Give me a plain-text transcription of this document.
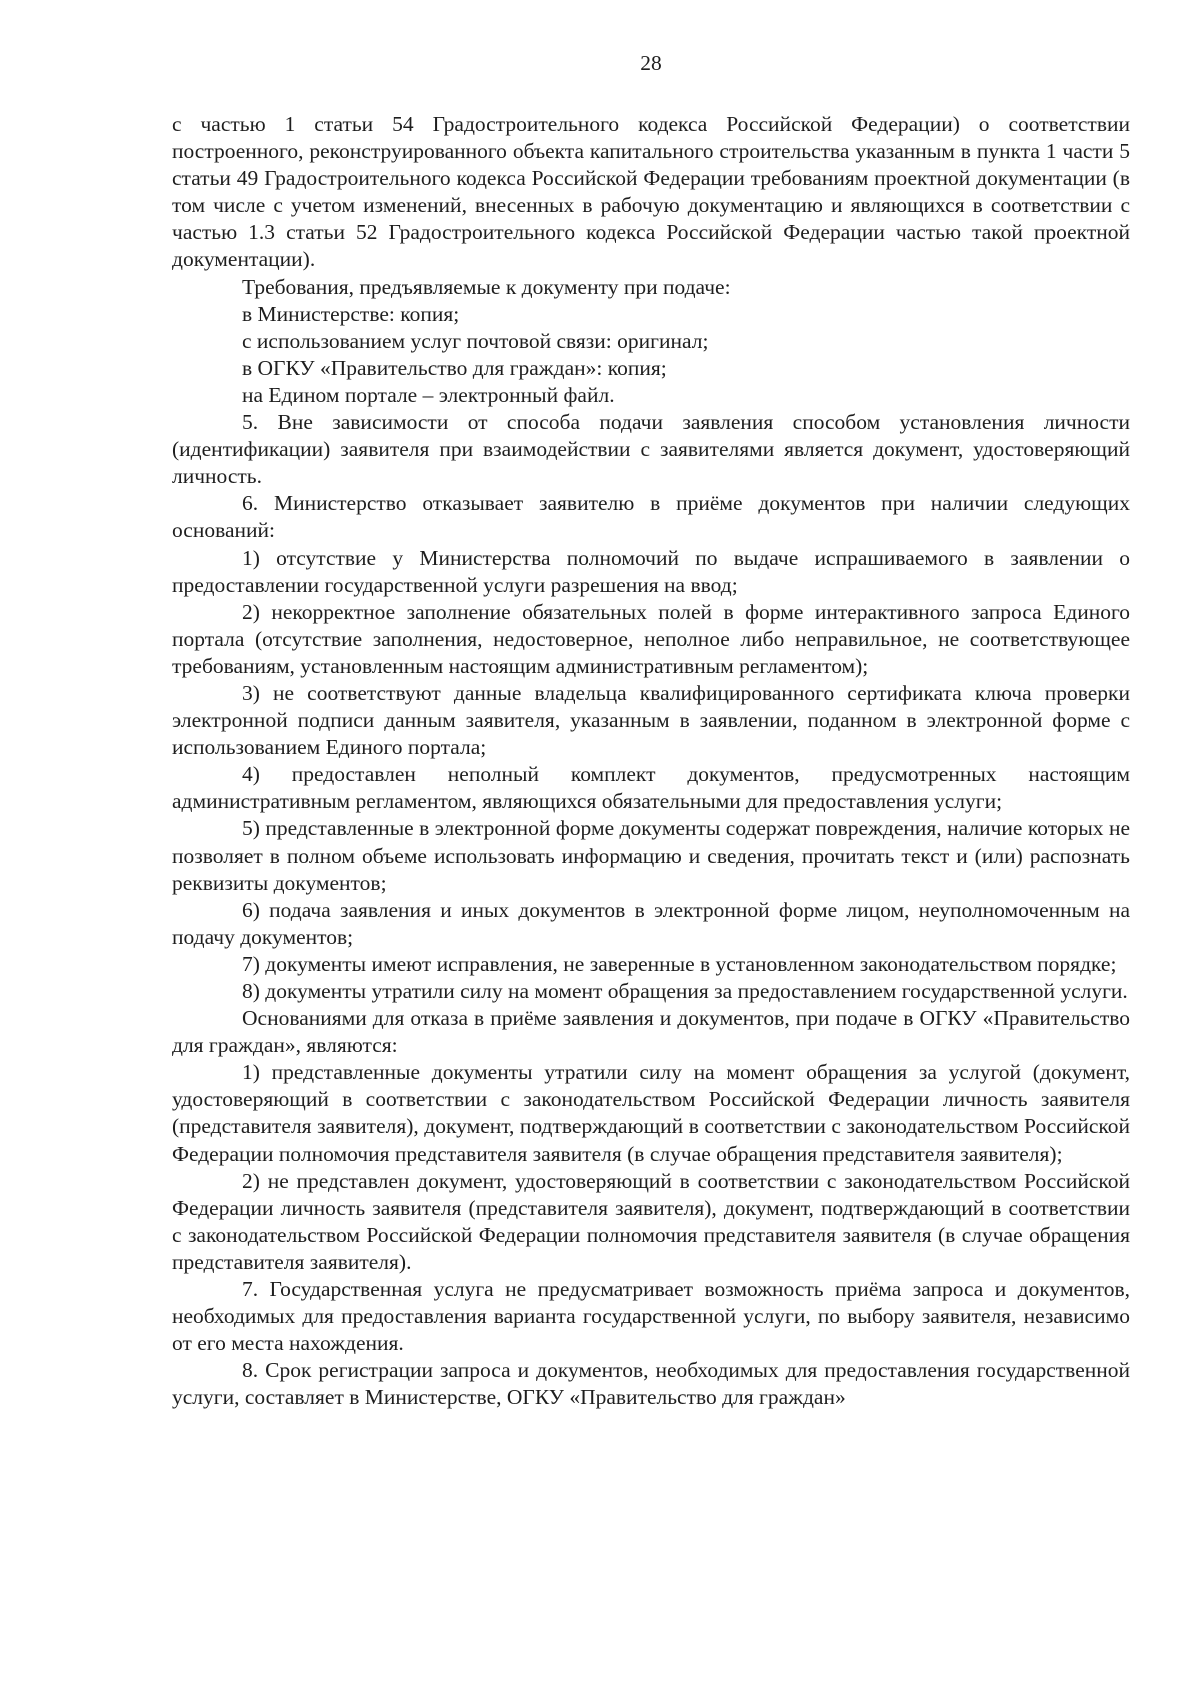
28

с частью 1 статьи 54 Градостроительного кодекса Российской Федерации) о соответствии построенного, реконструированного объекта капитального строительства указанным в пункта 1 части 5 статьи 49 Градостроительного кодекса Российской Федерации требованиям проектной документации (в том числе с учетом изменений, внесенных в рабочую документацию и являющихся в соответствии с частью 1.3 статьи 52 Градостроительного кодекса Российской Федерации частью такой проектной документации).

Требования, предъявляемые к документу при подаче:

в Министерстве: копия;

с использованием услуг почтовой связи: оригинал;

в ОГКУ «Правительство для граждан»: копия;

на Едином портале – электронный файл.

5. Вне зависимости от способа подачи заявления способом установления личности (идентификации) заявителя при взаимодействии с заявителями является документ, удостоверяющий личность.

6. Министерство отказывает заявителю в приёме документов при наличии следующих оснований:

1) отсутствие у Министерства полномочий по выдаче испрашиваемого в заявлении о предоставлении государственной услуги разрешения на ввод;

2) некорректное заполнение обязательных полей в форме интерактивного запроса Единого портала (отсутствие заполнения, недостоверное, неполное либо неправильное, не соответствующее требованиям, установленным настоящим административным регламентом);

3) не соответствуют данные владельца квалифицированного сертификата ключа проверки электронной подписи данным заявителя, указанным в заявлении, поданном в электронной форме с использованием Единого портала;

4) предоставлен неполный комплект документов, предусмотренных настоящим административным регламентом, являющихся обязательными для предоставления услуги;

5) представленные в электронной форме документы содержат повреждения, наличие которых не позволяет в полном объеме использовать информацию и сведения, прочитать текст и (или) распознать реквизиты документов;

6) подача заявления и иных документов в электронной форме лицом, неуполномоченным на подачу документов;

7) документы имеют исправления, не заверенные в установленном законодательством порядке;

8) документы утратили силу на момент обращения за предоставлением государственной услуги.

Основаниями для отказа в приёме заявления и документов, при подаче в ОГКУ «Правительство для граждан», являются:

1) представленные документы утратили силу на момент обращения за услугой (документ, удостоверяющий в соответствии с законодательством Российской Федерации личность заявителя (представителя заявителя), документ, подтверждающий в соответствии с законодательством Российской Федерации полномочия представителя заявителя (в случае обращения представителя заявителя);

2) не представлен документ, удостоверяющий в соответствии с законодательством Российской Федерации личность заявителя (представителя заявителя), документ, подтверждающий в соответствии с законодательством Российской Федерации полномочия представителя заявителя (в случае обращения представителя заявителя).

7. Государственная услуга не предусматривает возможность приёма запроса и документов, необходимых для предоставления варианта государственной услуги, по выбору заявителя, независимо от его места нахождения.

8. Срок регистрации запроса и документов, необходимых для предоставления государственной услуги, составляет в Министерстве, ОГКУ «Правительство для граждан»
